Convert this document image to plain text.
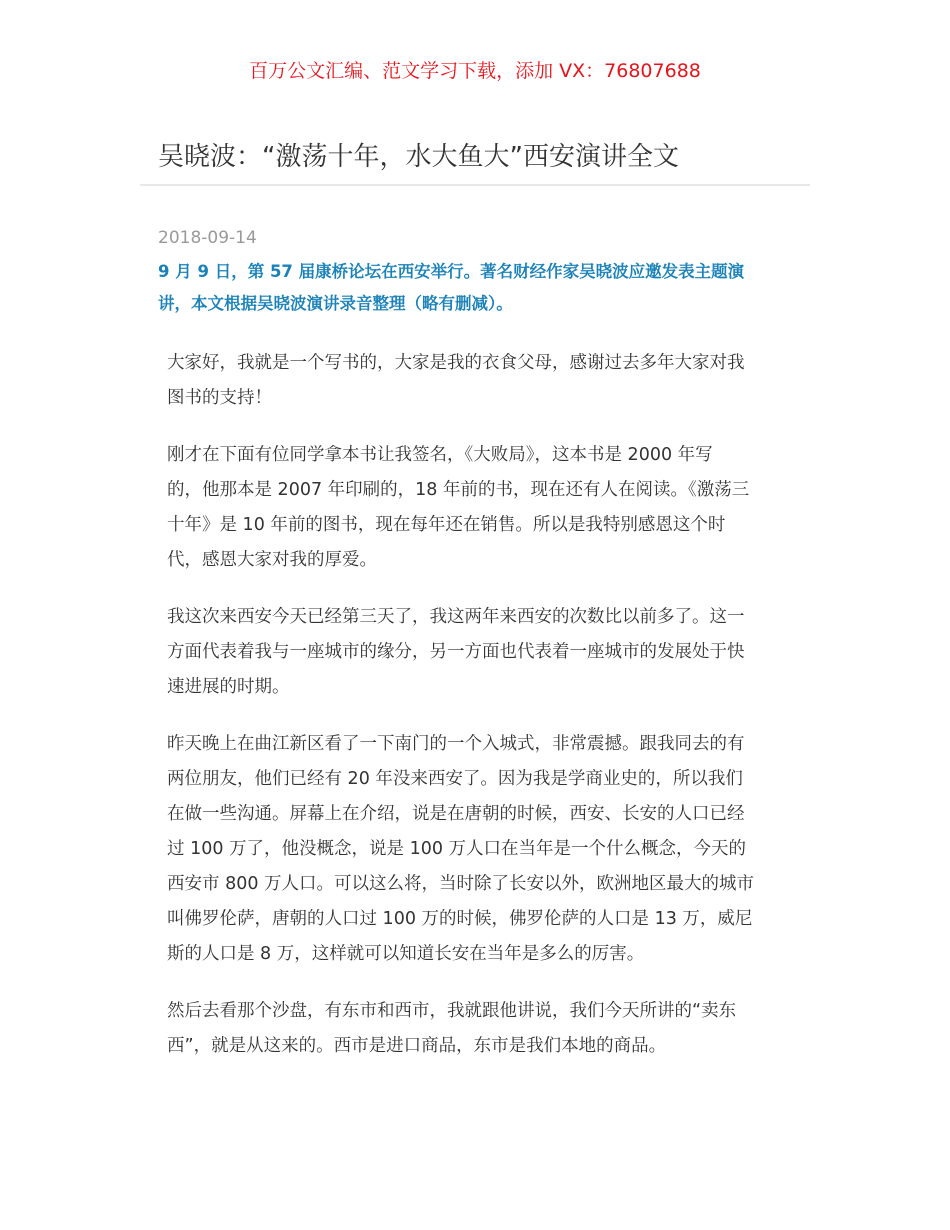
百万公文汇编、范文学习下载，添加 VX：76807688
吴晓波：“激荡十年，水大鱼大”西安演讲全文
2018-09-14
9 月 9 日，第 57 届康桥论坛在西安举行。著名财经作家吴晓波应邀发表主题演
讲，本文根据吴晓波演讲录音整理（略有删减）。

大家好，我就是一个写书的，大家是我的衣食父母，感谢过去多年大家对我
图书的支持！

刚才在下面有位同学拿本书让我签名，《大败局》，这本书是 2000 年写
的，他那本是 2007 年印刷的，18 年前的书，现在还有人在阅读。《激荡三
十年》是 10 年前的图书，现在每年还在销售。所以是我特别感恩这个时
代，感恩大家对我的厚爱。

我这次来西安今天已经第三天了，我这两年来西安的次数比以前多了。这一
方面代表着我与一座城市的缘分，另一方面也代表着一座城市的发展处于快
速进展的时期。

昨天晚上在曲江新区看了一下南门的一个入城式，非常震撼。跟我同去的有
两位朋友，他们已经有 20 年没来西安了。因为我是学商业史的，所以我们
在做一些沟通。屏幕上在介绍，说是在唐朝的时候，西安、长安的人口已经
过 100 万了，他没概念，说是 100 万人口在当年是一个什么概念，今天的
西安市 800 万人口。可以这么将，当时除了长安以外，欧洲地区最大的城市
叫佛罗伦萨，唐朝的人口过 100 万的时候，佛罗伦萨的人口是 13 万，威尼
斯的人口是 8 万，这样就可以知道长安在当年是多么的厉害。

然后去看那个沙盘，有东市和西市，我就跟他讲说，我们今天所讲的“卖东
西”，就是从这来的。西市是进口商品，东市是我们本地的商品。
